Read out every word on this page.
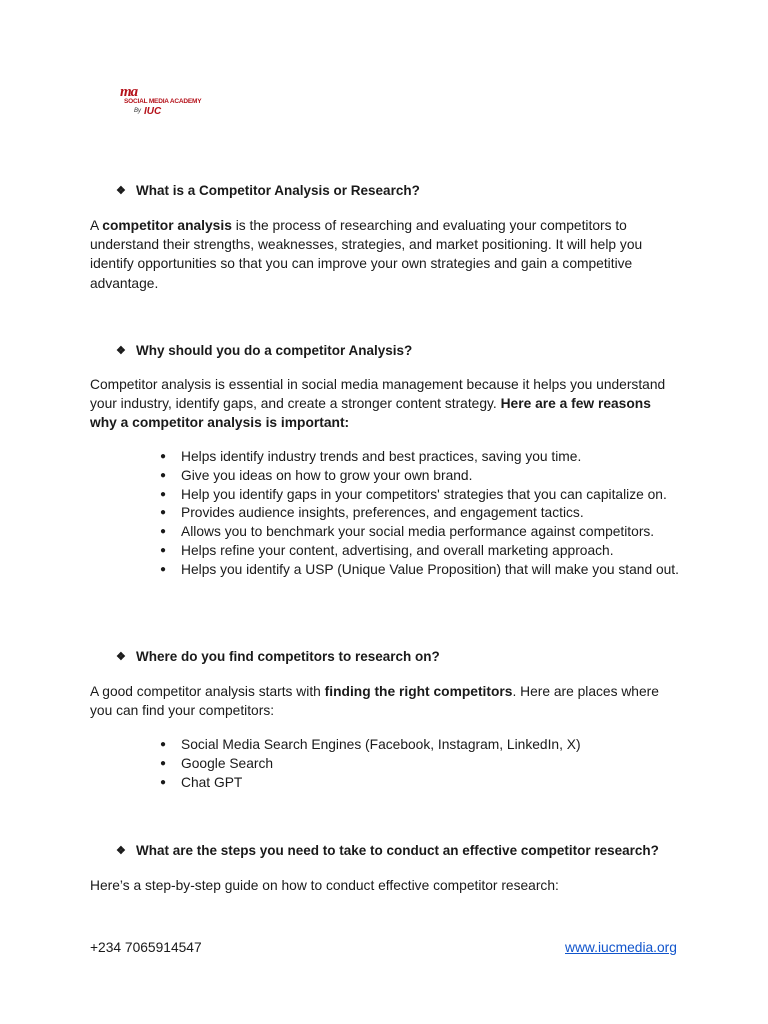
ma
SOCIAL MEDIA ACADEMY
By IUC
❖ What is a Competitor Analysis or Research?

A competitor analysis is the process of researching and evaluating your competitors to understand their strengths, weaknesses, strategies, and market positioning. It will help you identify opportunities so that you can improve your own strategies and gain a competitive advantage.

❖ Why should you do a competitor Analysis?

Competitor analysis is essential in social media management because it helps you understand your industry, identify gaps, and create a stronger content strategy. Here are a few reasons why a competitor analysis is important:

● Helps identify industry trends and best practices, saving you time.
● Give you ideas on how to grow your own brand.
● Help you identify gaps in your competitors' strategies that you can capitalize on.
● Provides audience insights, preferences, and engagement tactics.
● Allows you to benchmark your social media performance against competitors.
● Helps refine your content, advertising, and overall marketing approach.
● Helps you identify a USP (Unique Value Proposition) that will make you stand out.
❖ Where do you find competitors to research on?

A good competitor analysis starts with finding the right competitors. Here are places where you can find your competitors:

● Social Media Search Engines (Facebook, Instagram, LinkedIn, X)
● Google Search
● Chat GPT
❖ What are the steps you need to take to conduct an effective competitor research?

Here’s a step-by-step guide on how to conduct effective competitor research:

+234 7065914547	www.iucmedia.org
